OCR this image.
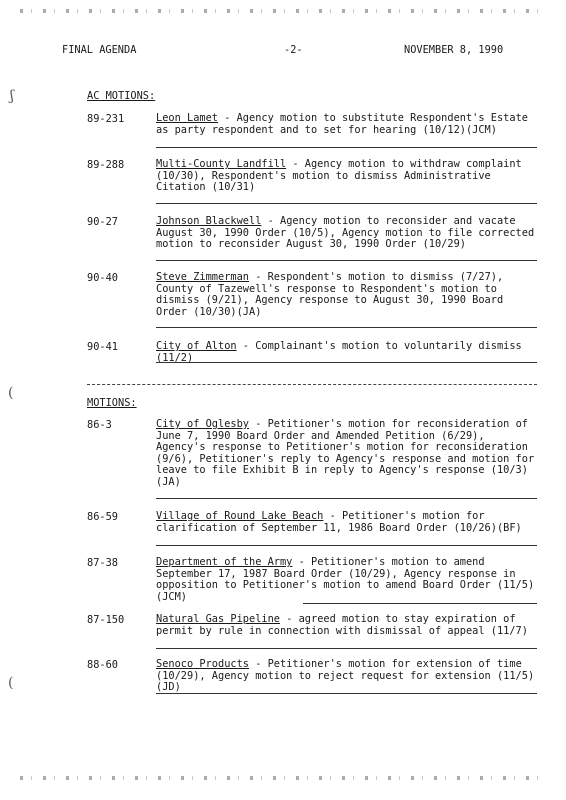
FINAL AGENDA	-2-	NOVEMBER 8, 1990
ʃ
(
(
AC MOTIONS:
89-231	Leon Lamet - Agency motion to substitute Respondent's Estate as party respondent and to set for hearing (10/12)(JCM)
89-288	Multi-County Landfill - Agency motion to withdraw complaint (10/30), Respondent's motion to dismiss Administrative Citation (10/31)
90-27	Johnson Blackwell - Agency motion to reconsider and vacate August 30, 1990 Order (10/5), Agency motion to file corrected motion to reconsider August 30, 1990 Order (10/29)
90-40	Steve Zimmerman - Respondent's motion to dismiss (7/27), County of Tazewell's response to Respondent's motion to dismiss (9/21), Agency response to August 30, 1990 Board Order (10/30)(JA)
90-41	City of Alton - Complainant's motion to voluntarily dismiss (11/2)
MOTIONS:
86-3	City of Oglesby - Petitioner's motion for reconsideration of June 7, 1990 Board Order and Amended Petition (6/29), Agency's response to Petitioner's motion for reconsideration (9/6), Petitioner's reply to Agency's response and motion for leave to file Exhibit B in reply to Agency's response (10/3)(JA)
86-59	Village of Round Lake Beach - Petitioner's motion for clarification of September 11, 1986 Board Order (10/26)(BF)
87-38	Department of the Army - Petitioner's motion to amend September 17, 1987 Board Order (10/29), Agency response in opposition to Petitioner's motion to amend Board Order (11/5)(JCM)
87-150	Natural Gas Pipeline - agreed motion to stay expiration of permit by rule in connection with dismissal of appeal (11/7)
88-60	Senoco Products - Petitioner's motion for extension of time (10/29), Agency motion to reject request for extension (11/5)(JD)
